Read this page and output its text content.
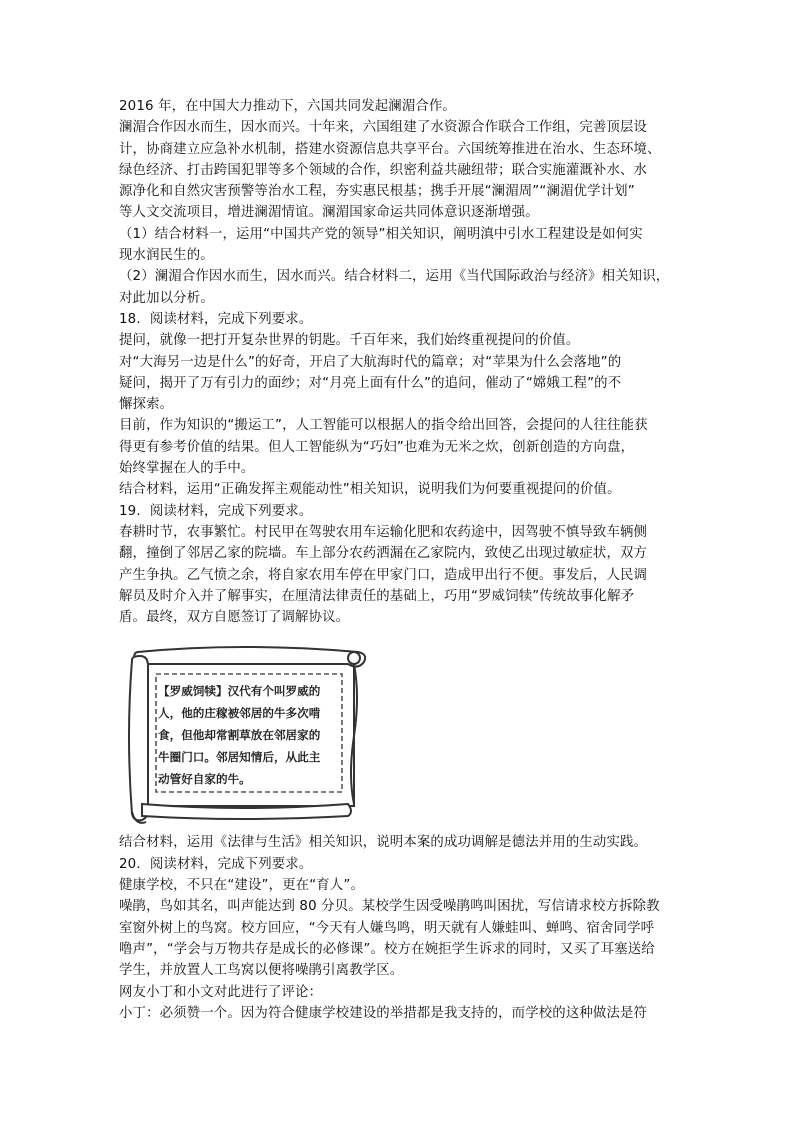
2016 年，在中国大力推动下，六国共同发起澜湄合作。
澜湄合作因水而生，因水而兴。十年来，六国组建了水资源合作联合工作组，完善顶层设
计，协商建立应急补水机制，搭建水资源信息共享平台。六国统筹推进在治水、生态环境、
绿色经济、打击跨国犯罪等多个领域的合作，织密利益共融纽带；联合实施灌溉补水、水
源净化和自然灾害预警等治水工程，夯实惠民根基；携手开展“澜湄周”“澜湄优学计划”
等人文交流项目，增进澜湄情谊。澜湄国家命运共同体意识逐渐增强。
（1）结合材料一，运用“中国共产党的领导”相关知识，阐明滇中引水工程建设是如何实
现水润民生的。
（2）澜湄合作因水而生，因水而兴。结合材料二，运用《当代国际政治与经济》相关知识，
对此加以分析。
18．阅读材料，完成下列要求。
提问，就像一把打开复杂世界的钥匙。千百年来，我们始终重视提问的价值。
对“大海另一边是什么”的好奇，开启了大航海时代的篇章；对“苹果为什么会落地”的
疑问，揭开了万有引力的面纱；对“月亮上面有什么”的追问，催动了“嫦娥工程”的不
懈探索。
目前，作为知识的“搬运工”，人工智能可以根据人的指令给出回答，会提问的人往往能获
得更有参考价值的结果。但人工智能纵为“巧妇”也难为无米之炊，创新创造的方向盘，
始终掌握在人的手中。
结合材料，运用“正确发挥主观能动性”相关知识，说明我们为何要重视提问的价值。
19．阅读材料，完成下列要求。
春耕时节，农事繁忙。村民甲在驾驶农用车运输化肥和农药途中，因驾驶不慎导致车辆侧
翻，撞倒了邻居乙家的院墙。车上部分农药洒漏在乙家院内，致使乙出现过敏症状，双方
产生争执。乙气愤之余，将自家农用车停在甲家门口，造成甲出行不便。事发后，人民调
解员及时介入并了解事实，在厘清法律责任的基础上，巧用“罗威饲犊”传统故事化解矛
盾。最终，双方自愿签订了调解协议。
【罗威饲犊】汉代有个叫罗威的
人，他的庄稼被邻居的牛多次啃
食，但他却常割草放在邻居家的
牛圈门口。邻居知情后，从此主
动管好自家的牛。
结合材料，运用《法律与生活》相关知识，说明本案的成功调解是德法并用的生动实践。
20．阅读材料，完成下列要求。
健康学校，不只在“建设”，更在“育人”。
噪鹃，鸟如其名，叫声能达到 80 分贝。某校学生因受噪鹃鸣叫困扰，写信请求校方拆除教
室窗外树上的鸟窝。校方回应，“今天有人嫌鸟鸣，明天就有人嫌蛙叫、蝉鸣、宿舍同学呼
噜声”，“学会与万物共存是成长的必修课”。校方在婉拒学生诉求的同时，又买了耳塞送给
学生，并放置人工鸟窝以便将噪鹃引离教学区。
网友小丁和小文对此进行了评论：
小丁：必须赞一个。因为符合健康学校建设的举措都是我支持的，而学校的这种做法是符
